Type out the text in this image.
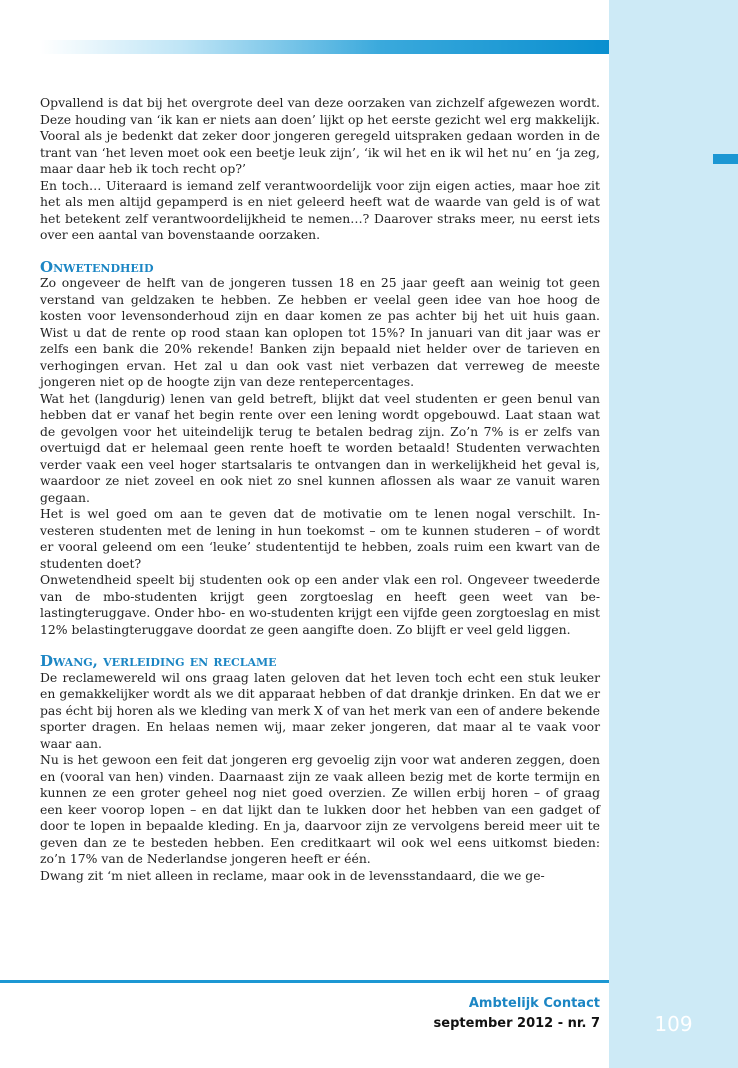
Opvallend is dat bij het overgrote deel van deze oorzaken van zichzelf afgewezen wordt. Deze houding van ‘ik kan er niets aan doen’ lijkt op het eerste gezicht wel erg makkelijk. Vooral als je bedenkt dat zeker door jongeren geregeld uitspraken gedaan worden in de trant van ‘het leven moet ook een beetje leuk zijn’, ‘ik wil het en ik wil het nu’ en ‘ja zeg, maar daar heb ik toch recht op?’

En toch… Uiteraard is iemand zelf verantwoordelijk voor zijn eigen acties, maar hoe zit het als men altijd gepamperd is en niet geleerd heeft wat de waarde van geld is of wat het betekent zelf verantwoordelijkheid te nemen…? Daarover straks meer, nu eerst iets over een aantal van bovenstaande oorzaken.

Onwetendheid

Zo ongeveer de helft van de jongeren tussen 18 en 25 jaar geeft aan weinig tot geen verstand van geldzaken te hebben. Ze hebben er veelal geen idee van hoe hoog de kosten voor levensonderhoud zijn en daar komen ze pas achter bij het uit huis gaan. Wist u dat de rente op rood staan kan oplopen tot 15%? In januari van dit jaar was er zelfs een bank die 20% rekende! Banken zijn bepaald niet helder over de tarieven en verhogingen ervan. Het zal u dan ook vast niet verbazen dat verreweg de meeste jongeren niet op de hoogte zijn van deze rentepercentages.

Wat het (langdurig) lenen van geld betreft, blijkt dat veel studenten er geen benul van hebben dat er vanaf het begin rente over een lening wordt opgebouwd. Laat staan wat de gevolgen voor het uiteindelijk terug te betalen bedrag zijn. Zo’n 7% is er zelfs van overtuigd dat er helemaal geen rente hoeft te worden betaald! Studenten verwachten verder vaak een veel hoger startsalaris te ontvangen dan in werkelijkheid het geval is, waardoor ze niet zoveel en ook niet zo snel kunnen aflossen als waar ze vanuit waren gegaan.

Het is wel goed om aan te geven dat de motivatie om te lenen nogal verschilt. Investeren studenten met de lening in hun toekomst – om te kunnen studeren – of wordt er vooral geleend om een ‘leuke’ studententijd te hebben, zoals ruim een kwart van de studenten doet?

Onwetendheid speelt bij studenten ook op een ander vlak een rol. Ongeveer tweederde van de mbo-studenten krijgt geen zorgtoeslag en heeft geen weet van belastingteruggave. Onder hbo- en wo-studenten krijgt een vijfde geen zorgtoeslag en mist 12% belastingteruggave doordat ze geen aangifte doen. Zo blijft er veel geld liggen.

Dwang, verleiding en reclame

De reclamewereld wil ons graag laten geloven dat het leven toch echt een stuk leuker en gemakkelijker wordt als we dit apparaat hebben of dat drankje drinken. En dat we er pas écht bij horen als we kleding van merk X of van het merk van een of andere bekende sporter dragen. En helaas nemen wij, maar zeker jongeren, dat maar al te vaak voor waar aan.

Nu is het gewoon een feit dat jongeren erg gevoelig zijn voor wat anderen zeggen, doen en (vooral van hen) vinden. Daarnaast zijn ze vaak alleen bezig met de korte termijn en kunnen ze een groter geheel nog niet goed overzien. Ze willen erbij horen – of graag een keer voorop lopen – en dat lijkt dan te lukken door het hebben van een gadget of door te lopen in bepaalde kleding. En ja, daarvoor zijn ze vervolgens bereid meer uit te geven dan ze te besteden hebben. Een creditkaart wil ook wel eens uitkomst bieden: zo’n 17% van de Nederlandse jongeren heeft er één.

Dwang zit ‘m niet alleen in reclame, maar ook in de levensstandaard, die we ge-

Ambtelijk Contact
september 2012 - nr. 7	109
